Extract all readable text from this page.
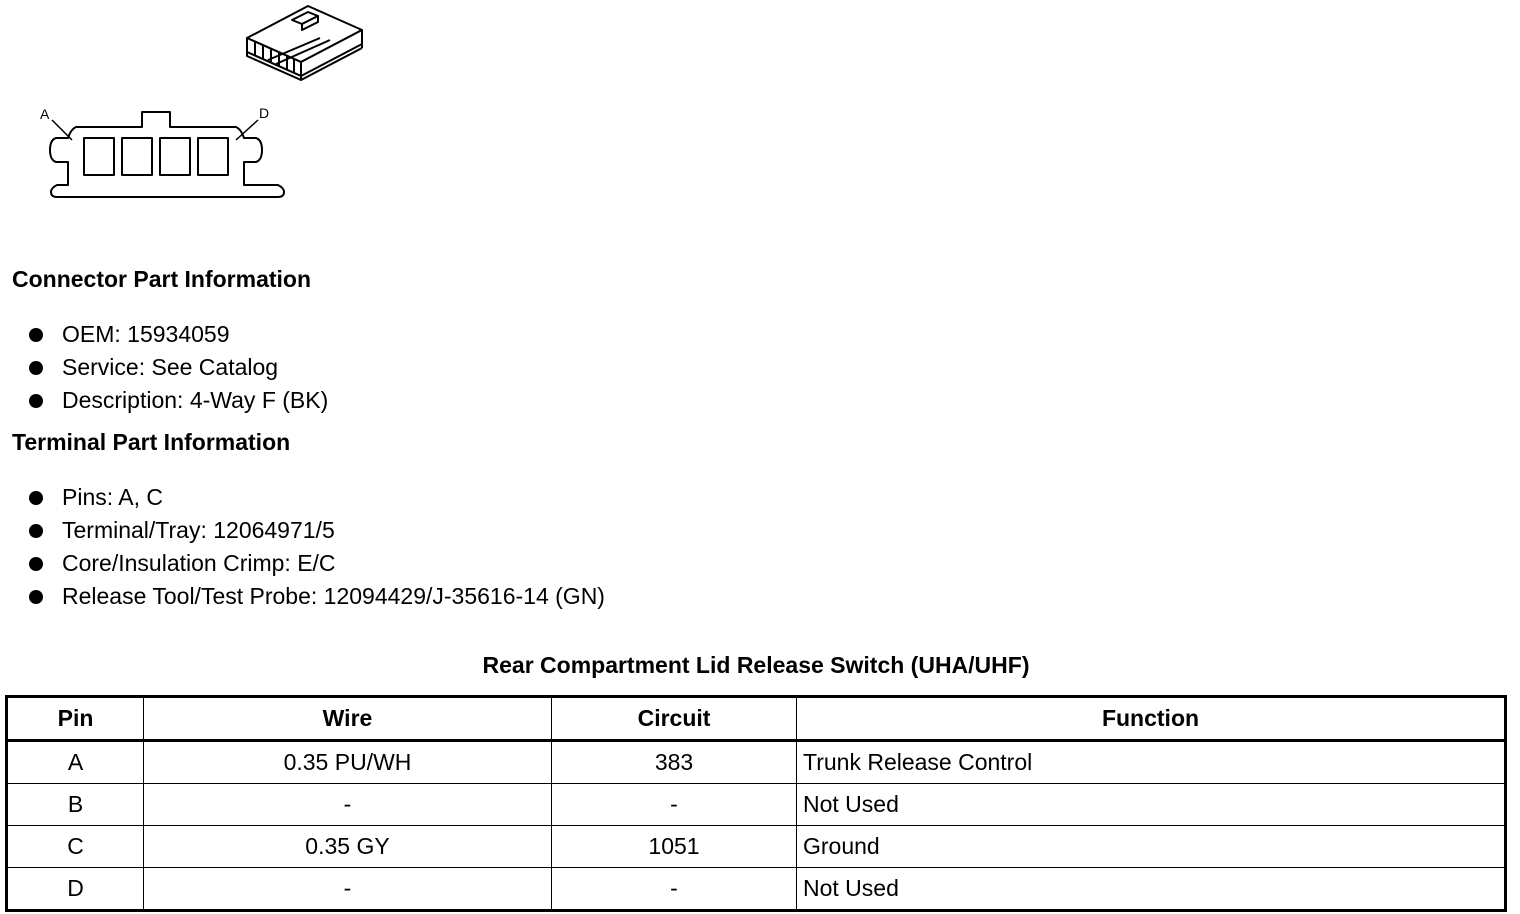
A	D
Connector Part Information
OEM: 15934059
Service: See Catalog
Description: 4-Way F (BK)
Terminal Part Information
Pins: A, C
Terminal/Tray: 12064971/5
Core/Insulation Crimp: E/C
Release Tool/Test Probe: 12094429/J-35616-14 (GN)
Rear Compartment Lid Release Switch (UHA/UHF)
Pin	Wire	Circuit	Function
A	0.35 PU/WH	383	Trunk Release Control
B	-	-	Not Used
C	0.35 GY	1051	Ground
D	-	-	Not Used
